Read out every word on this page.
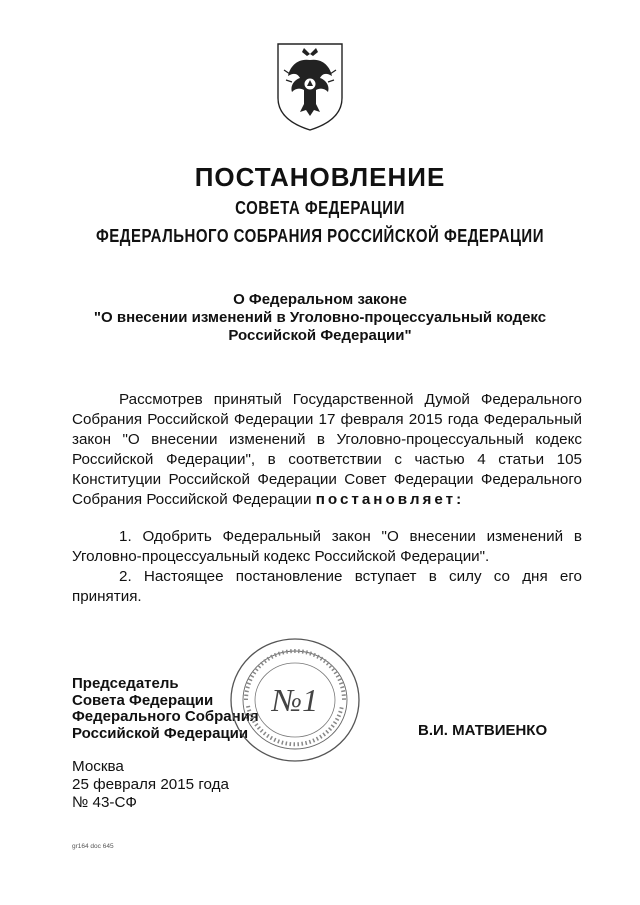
ПОСТАНОВЛЕНИЕ
СОВЕТА ФЕДЕРАЦИИ
ФЕДЕРАЛЬНОГО СОБРАНИЯ РОССИЙСКОЙ ФЕДЕРАЦИИ
О Федеральном законе
"О внесении изменений в Уголовно-процессуальный кодекс
Российской Федерации"

Рассмотрев принятый Государственной Думой Федерального Собрания Российской Федерации 17 февраля 2015 года Федеральный закон "О внесении изменений в Уголовно-процессуальный кодекс Российской Федерации", в соответствии с частью 4 статьи 105 Конституции Российской Федерации Совет Федерации Федерального Собрания Российской Федерации постановляет:

1. Одобрить Федеральный закон "О внесении изменений в Уголовно-процессуальный кодекс Российской Федерации".

2. Настоящее постановление вступает в силу со дня его принятия.

Председатель
Совета Федерации
Федерального Собрания
Российской Федерации
№1
В.И. МАТВИЕНКО
Москва
25 февраля 2015 года
№ 43-СФ
gr164 doc 645
